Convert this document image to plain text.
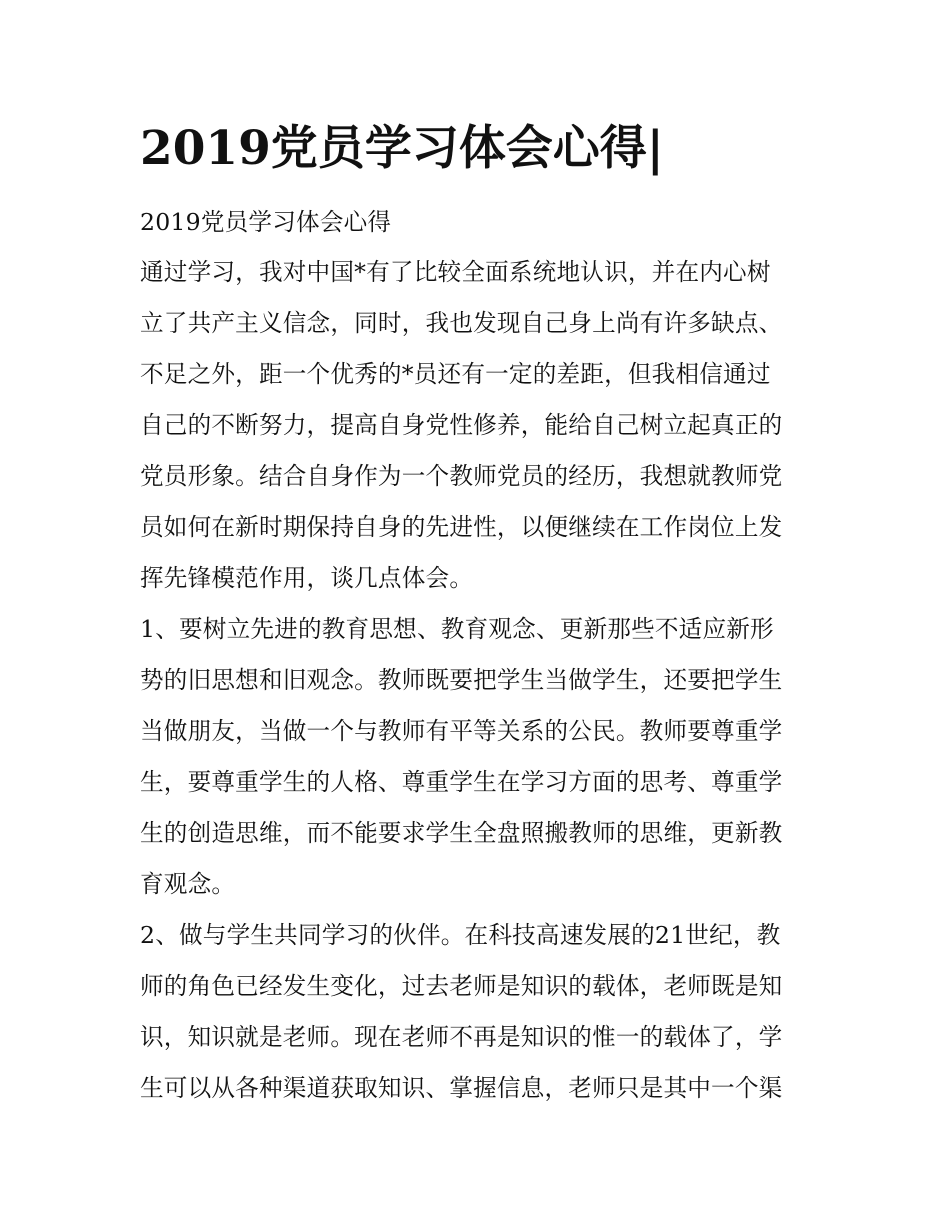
2019党员学习体会心得|
2019党员学习体会心得
通过学习，我对中国*有了比较全面系统地认识，并在内心树
立了共产主义信念，同时，我也发现自己身上尚有许多缺点、
不足之外，距一个优秀的*员还有一定的差距，但我相信通过
自己的不断努力，提高自身党性修养，能给自己树立起真正的
党员形象。结合自身作为一个教师党员的经历，我想就教师党
员如何在新时期保持自身的先进性，以便继续在工作岗位上发
挥先锋模范作用，谈几点体会。
1、要树立先进的教育思想、教育观念、更新那些不适应新形
势的旧思想和旧观念。教师既要把学生当做学生，还要把学生
当做朋友，当做一个与教师有平等关系的公民。教师要尊重学
生，要尊重学生的人格、尊重学生在学习方面的思考、尊重学
生的创造思维，而不能要求学生全盘照搬教师的思维，更新教
育观念。
2、做与学生共同学习的伙伴。在科技高速发展的21世纪，教
师的角色已经发生变化，过去老师是知识的载体，老师既是知
识，知识就是老师。现在老师不再是知识的惟一的载体了，学
生可以从各种渠道获取知识、掌握信息，老师只是其中一个渠
